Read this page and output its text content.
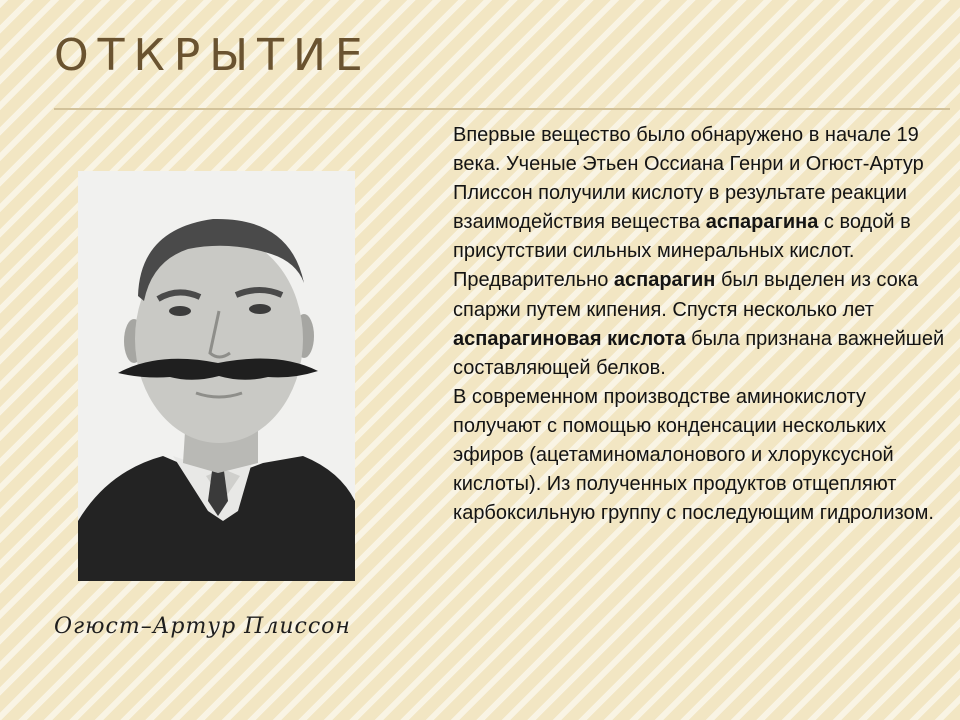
ОТКРЫТИЕ
Огюст–Артур Плиссон

Впервые вещество было обнаружено в начале 19 века. Ученые Этьен Оссиана Генри и Огюст-Артур Плиссон получили кислоту в результате реакции взаимодействия вещества аспарагина с водой в присутствии сильных минеральных кислот.

Предварительно аспарагин был выделен из сока спаржи путем кипения. Спустя несколько лет аспарагиновая кислота была признана важнейшей составляющей белков.

В современном производстве аминокислоту получают с помощью конденсации нескольких эфиров (ацетаминомалонового и хлоруксусной кислоты). Из полученных продуктов отщепляют карбоксильную группу с последующим гидролизом.
